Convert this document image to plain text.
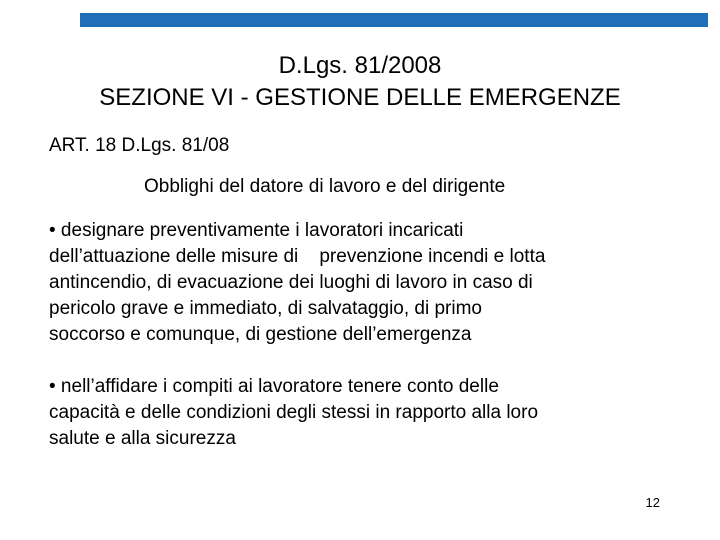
D.Lgs. 81/2008
SEZIONE VI - GESTIONE DELLE EMERGENZE
ART. 18 D.Lgs. 81/08
Obblighi del datore di lavoro e del dirigente
• designare preventivamente i lavoratori incaricati
dell’attuazione delle misure di    prevenzione incendi e lotta
antincendio, di evacuazione dei luoghi di lavoro in caso di
pericolo grave e immediato, di salvataggio, di primo
soccorso e comunque, di gestione dell’emergenza
• nell’affidare i compiti ai lavoratore tenere conto delle
capacità e delle condizioni degli stessi in rapporto alla loro
salute e alla sicurezza
12
